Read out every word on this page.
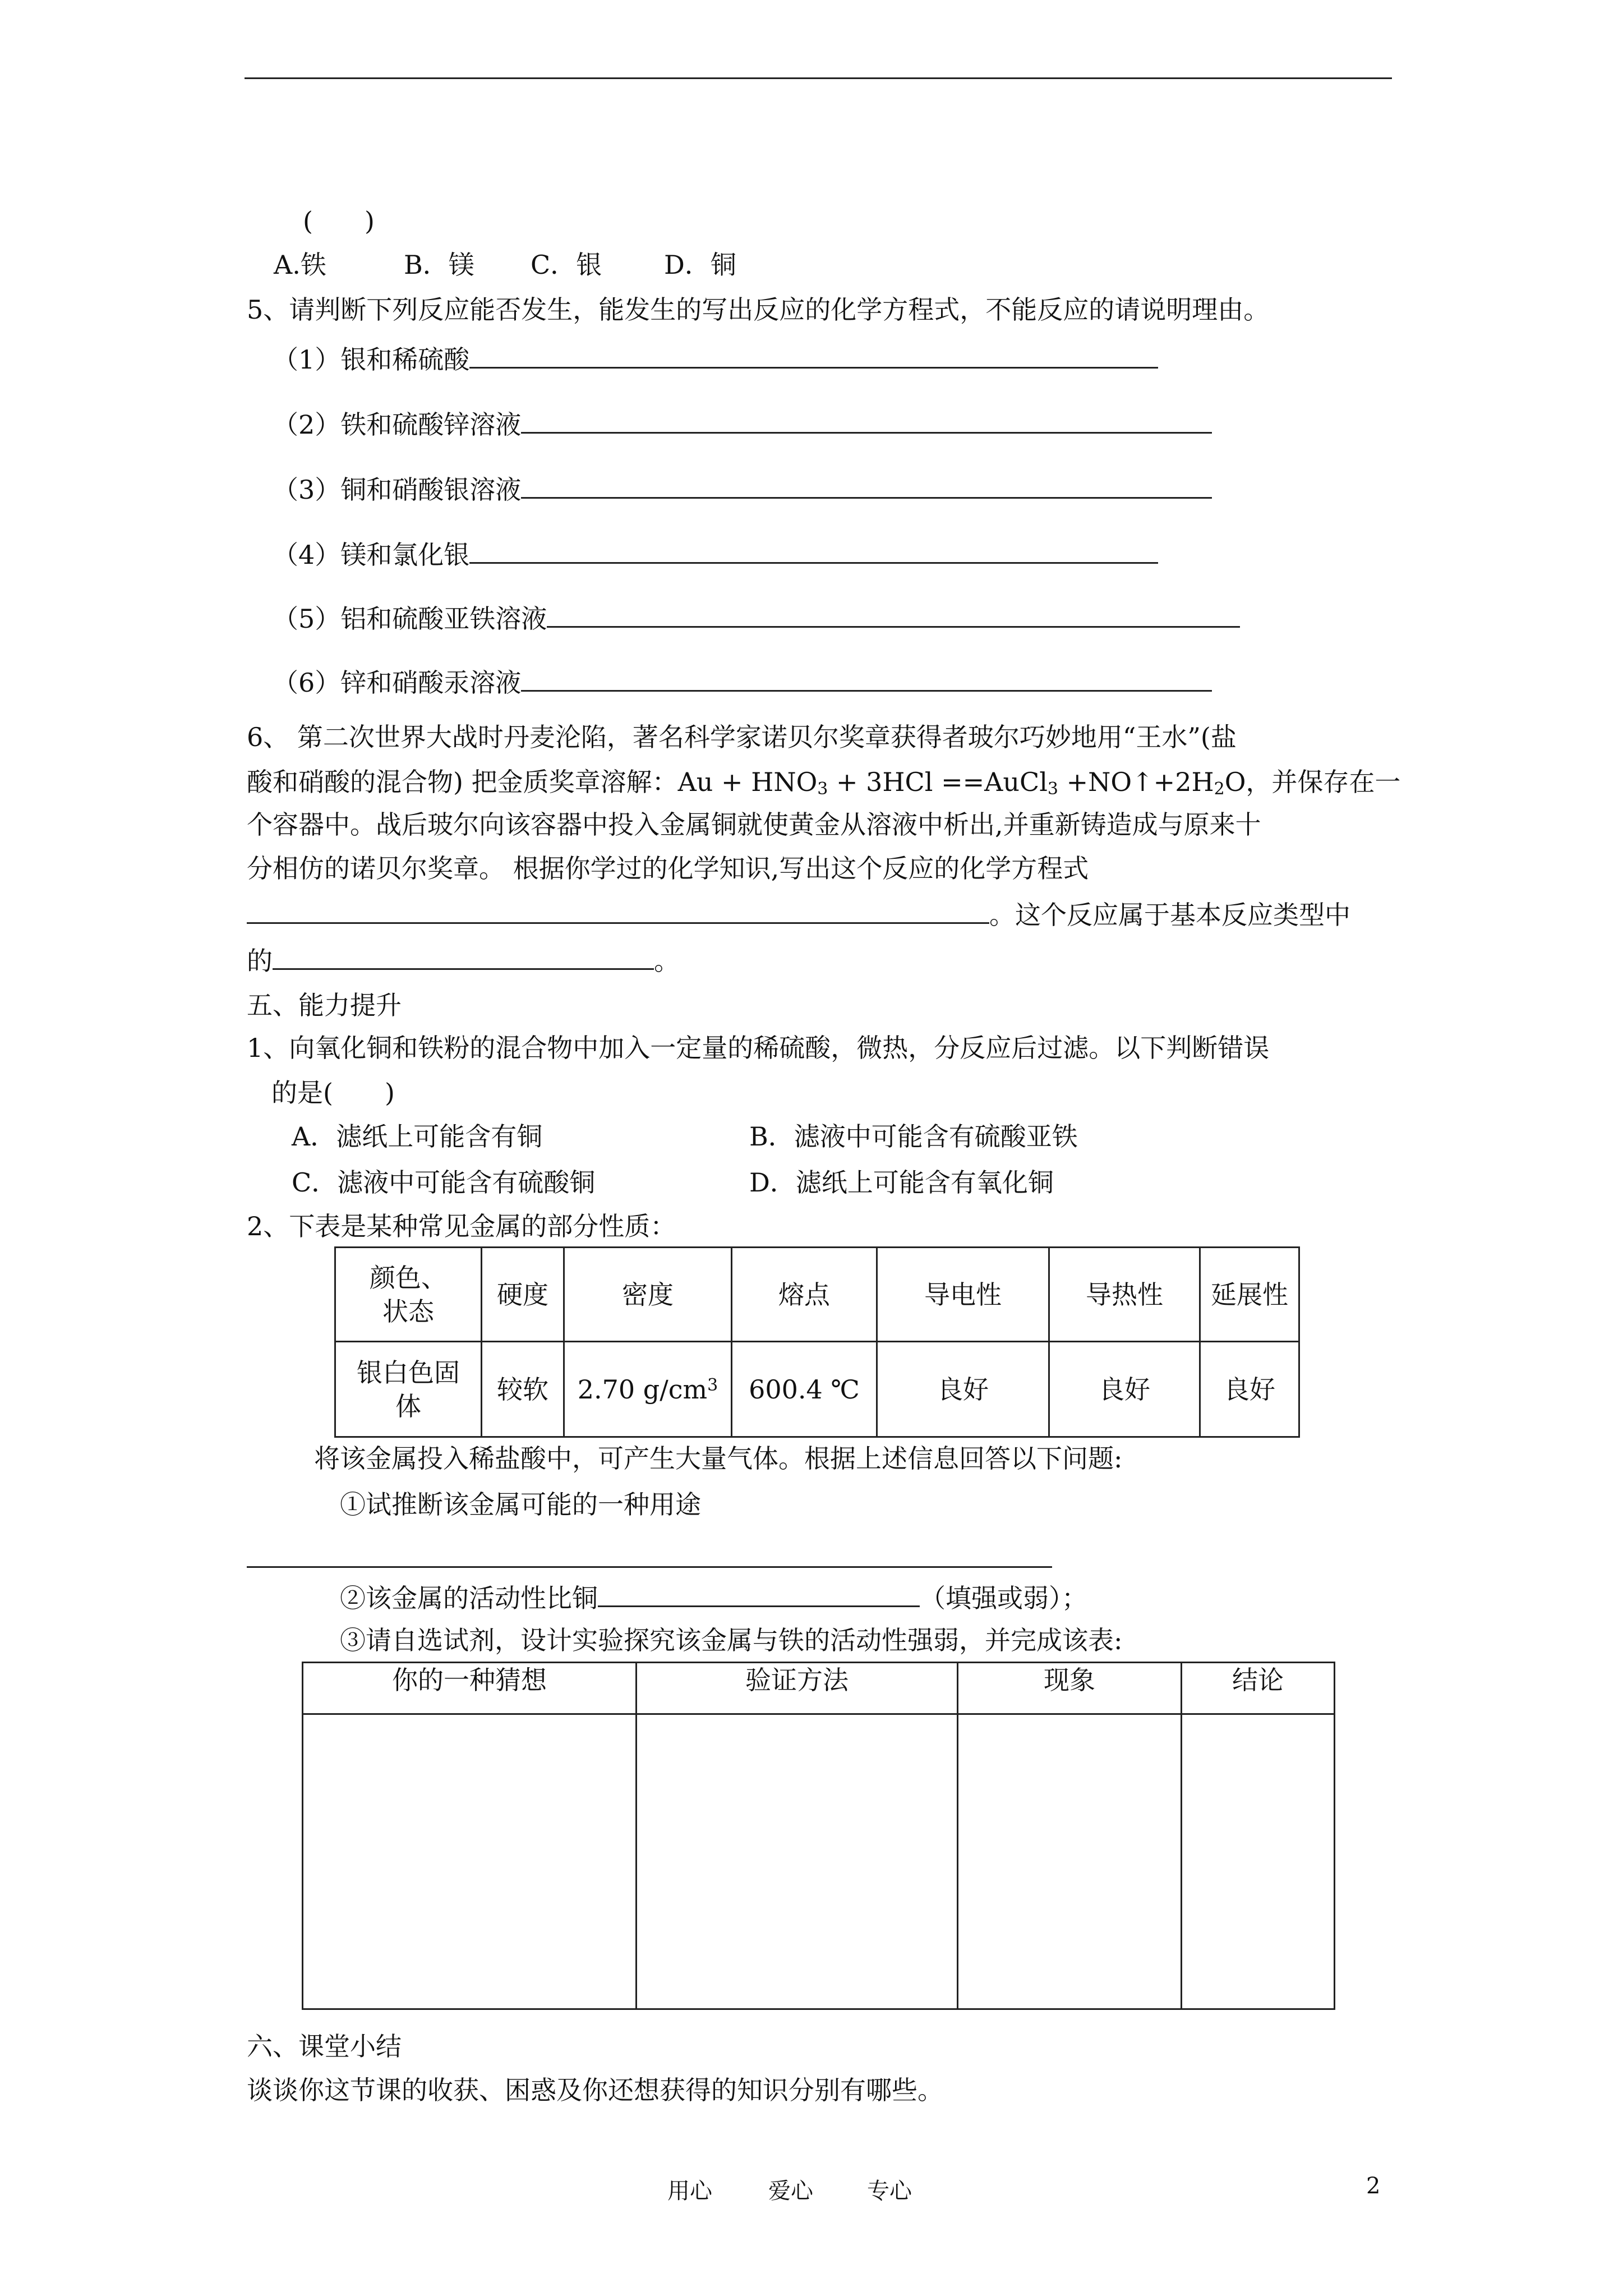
(　　)
A.铁	B．镁 C．银 D．铜
5、请判断下列反应能否发生，能发生的写出反应的化学方程式，不能反应的请说明理由。
（1）银和稀硫酸
（2）铁和硫酸锌溶液
（3）铜和硝酸银溶液
（4）镁和氯化银
（5）铝和硫酸亚铁溶液
（6）锌和硝酸汞溶液
6、 第二次世界大战时丹麦沦陷，著名科学家诺贝尔奖章获得者玻尔巧妙地用“王水”(盐
酸和硝酸的混合物) 把金质奖章溶解：$Au + HNO_3 + 3HCl$ ==AuCl$_3$ $+NO↑+2H_2O$，并保存在一
个容器中。战后玻尔向该容器中投入金属铜就使黄金从溶液中析出,并重新铸造成与原来十
分相仿的诺贝尔奖章。 根据你学过的化学知识,写出这个反应的化学方程式
。这个反应属于基本反应类型中
的	。
五、能力提升
1、向氧化铜和铁粉的混合物中加入一定量的稀硫酸，微热，分反应后过滤。以下判断错误
的是(　　)
A．滤纸上可能含有铜	B．滤液中可能含有硫酸亚铁
C．滤液中可能含有硫酸铜	D．滤纸上可能含有氧化铜
2、下表是某种常见金属的部分性质：
颜色、
状态	硬度	密度	熔点	导电性	导热性	延展性
银白色固
体	较软	2.70 $g/cm^3$	600.4 ℃	良好	良好	良好
将该金属投入稀盐酸中，可产生大量气体。根据上述信息回答以下问题:
①试推断该金属可能的一种用途
②该金属的活动性比铜	（填强或弱）；
③请自选试剂，设计实验探究该金属与铁的活动性强弱，并完成该表:
你的一种猜想	验证方法	现象	结论

六、课堂小结
谈谈你这节课的收获、困惑及你还想获得的知识分别有哪些。
用心	爱心 专心	2
